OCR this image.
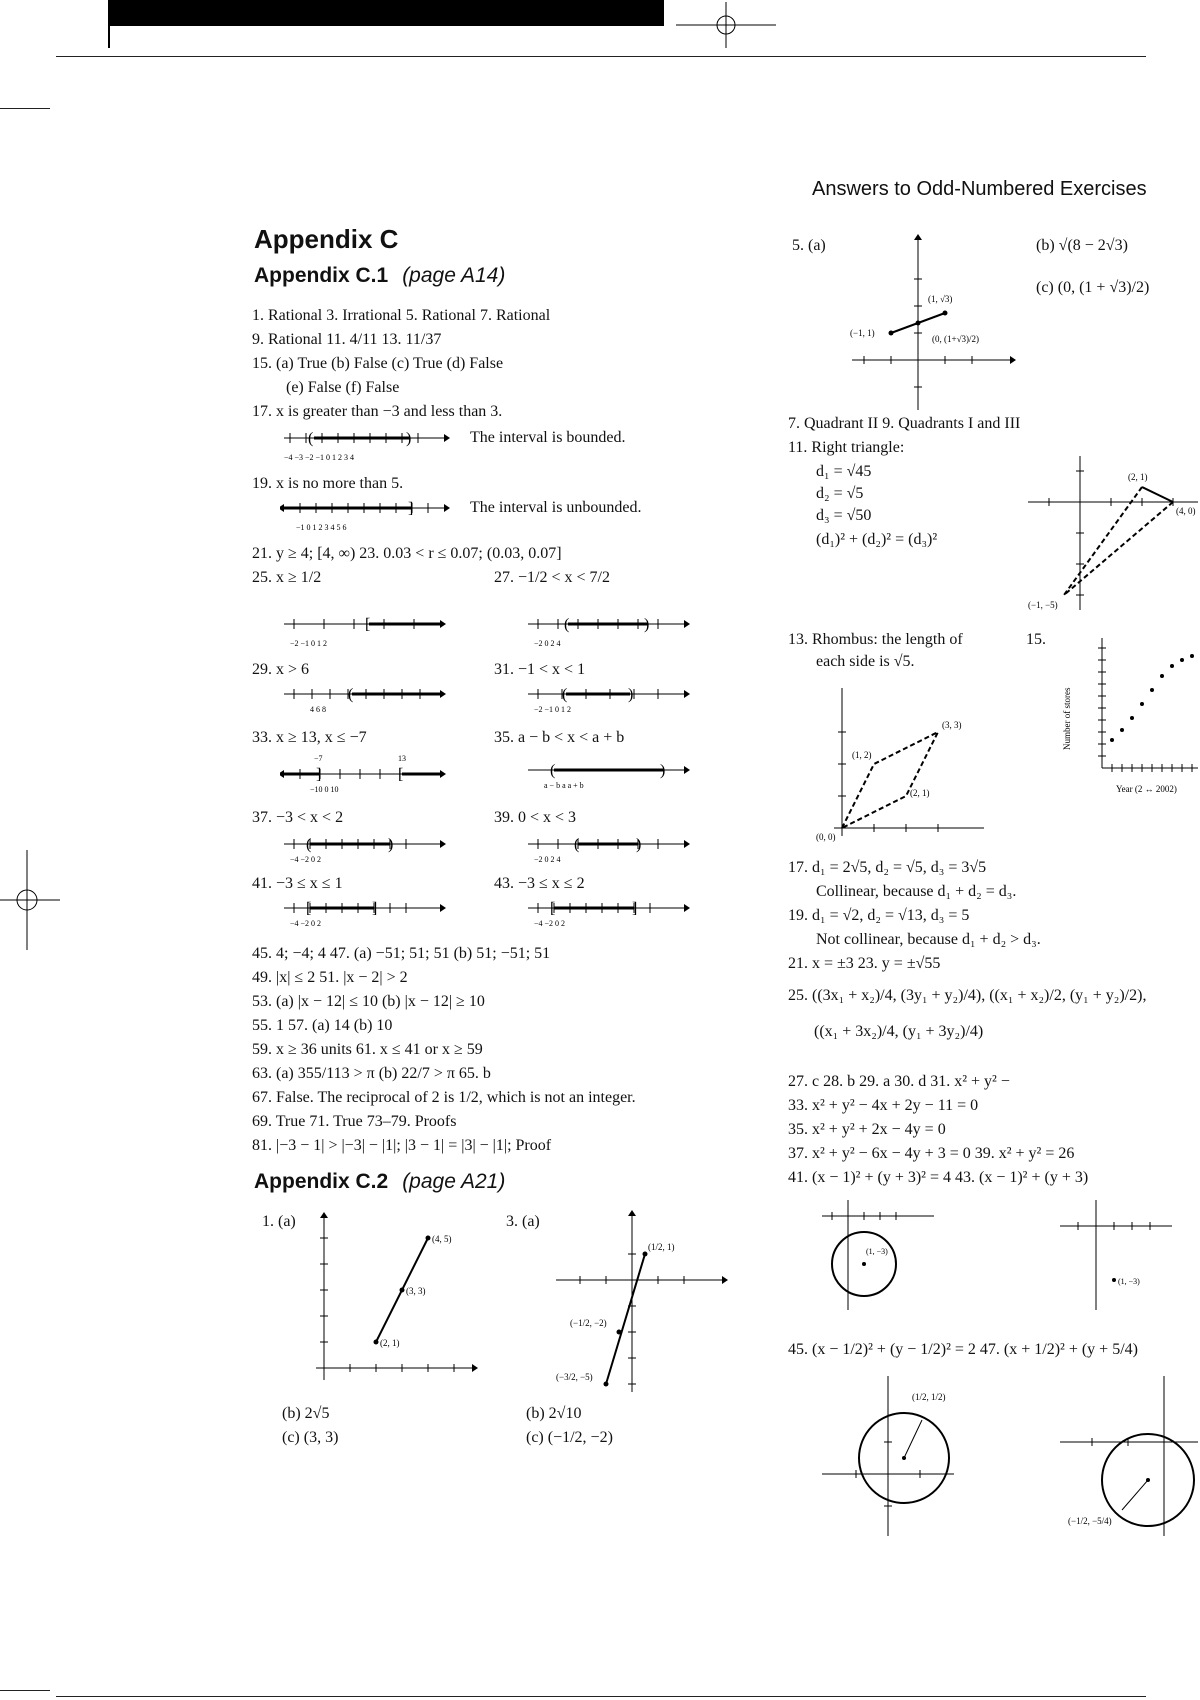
Answers to Odd-Numbered Exercises
Appendix C
Appendix C.1 (page A14)
1. Rational 3. Irrational 5. Rational 7. Rational
9. Rational 11. 4/11 13. 11/37
15. (a) True (b) False (c) True (d) False
(e) False (f) False
17. x is greater than −3 and less than 3.
(	)
−4 −3 −2 −1 0 1 2 3 4
The interval is bounded.
19. x is no more than 5.
]
−1 0 1 2 3 4 5 6
The interval is unbounded.
21. y ≥ 4; [4, ∞) 23. 0.03 < r ≤ 0.07; (0.03, 0.07]
25. x ≥ 1/2	27. −1/2 < x < 7/2
[
−2 −1 0 1 2
(	)
−2 0 2 4
29. x > 6	31. −1 < x < 1
(
4 6 8
(	)
−2 −1 0 1 2
33. x ≥ 13, x ≤ −7	35. a − b < x < a + b
]	[
−7	13
−10 0 10
(	)
a − b a a + b
37. −3 < x < 2	39. 0 < x < 3
(	)
−4 −2 0 2
(	)
−2 0 2 4
41. −3 ≤ x ≤ 1	43. −3 ≤ x ≤ 2
[	]
−4 −2 0 2
[	]
−4 −2 0 2
45. 4; −4; 4 47. (a) −51; 51; 51 (b) 51; −51; 51
49. |x| ≤ 2 51. |x − 2| > 2
53. (a) |x − 12| ≤ 10 (b) |x − 12| ≥ 10
55. 1 57. (a) 14 (b) 10
59. x ≥ 36 units 61. x ≤ 41 or x ≥ 59
63. (a) 355/113 > π (b) 22/7 > π 65. b
67. False. The reciprocal of 2 is 1/2, which is not an integer.
69. True 71. True 73–79. Proofs
81. |−3 − 1| > |−3| − |1|; |3 − 1| = |3| − |1|; Proof
Appendix C.2 (page A21)
1. (a)
(4, 5)
(3, 3)
(2, 1)
(b) 2√5
(c) (3, 3)
3. (a)
(1/2, 1)
(−1/2, −2)
(−3/2, −5)
(b) 2√10
(c) (−1/2, −2)
5. (a)
(1, √3)
(−1, 1)
(0, (1+√3)/2)
(b) √(8 − 2√3)
(c) (0, (1 + √3)/2)
7. Quadrant II 9. Quadrants I and III
11. Right triangle:
d₁ = √45
d₂ = √5
d₃ = √50
(d₁)² + (d₂)² = (d₃)²
(2, 1)
(4, 0)
(−1, −5)
13. Rhombus: the length of
each side is √5.
(3, 3)
(1, 2)
(2, 1)
(0, 0)
15.
Number of stores
Year (2 ↔ 2002)
17. d₁ = 2√5, d₂ = √5, d₃ = 3√5
Collinear, because d₁ + d₂ = d₃.
19. d₁ = √2, d₂ = √13, d₃ = 5
Not collinear, because d₁ + d₂ > d₃.
21. x = ±3 23. y = ±√55
25. ((3x₁ + x₂)/4, (3y₁ + y₂)/4), ((x₁ + x₂)/2, (y₁ + y₂)/2),
((x₁ + 3x₂)/4, (y₁ + 3y₂)/4)
27. c 28. b 29. a 30. d 31. x² + y² −
33. x² + y² − 4x + 2y − 11 = 0
35. x² + y² + 2x − 4y = 0
37. x² + y² − 6x − 4y + 3 = 0 39. x² + y² = 26
41. (x − 1)² + (y + 3)² = 4 43. (x − 1)² + (y + 3)
(1, −3)
(1, −3)
45. (x − 1/2)² + (y − 1/2)² = 2 47. (x + 1/2)² + (y + 5/4)
(1/2, 1/2)
(−1/2, −5/4)
